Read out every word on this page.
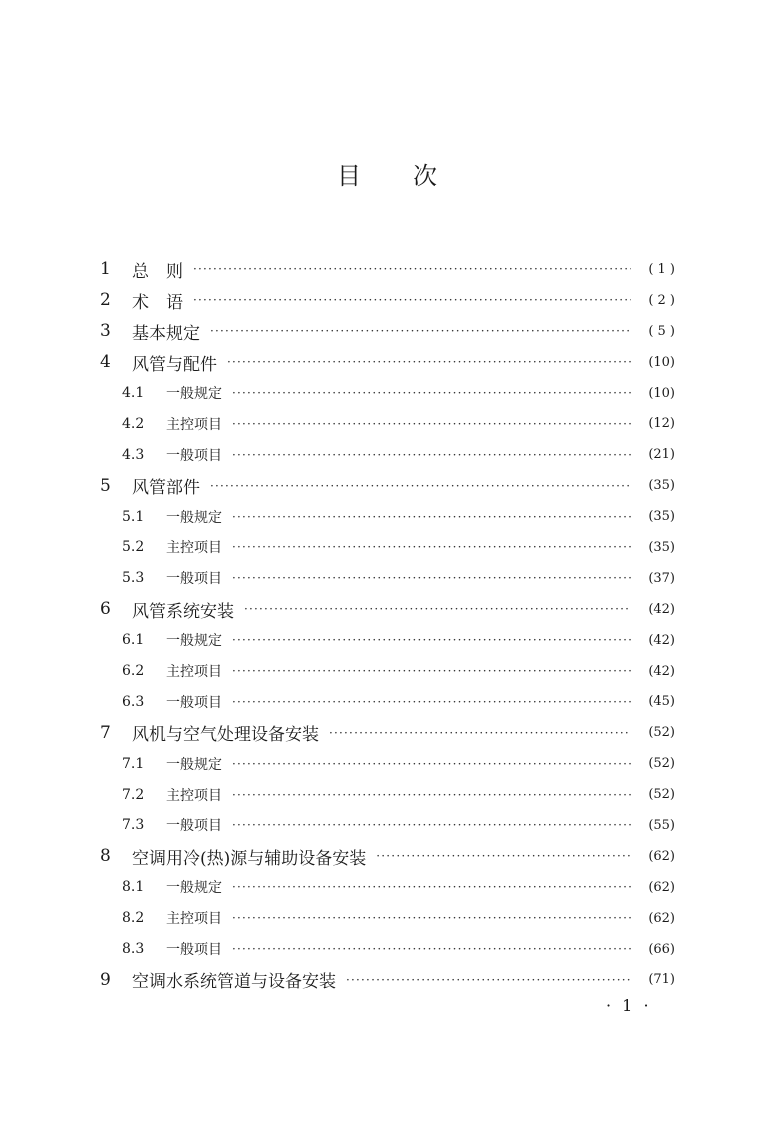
目 次
1	总　则 ·····	( 1 )
2	术　语 ·····	( 2 )
3	基本规定 ·····	( 5 )
4	风管与配件 ·····	(10)
4.1	一般规定 ·····	(10)
4.2	主控项目 ·····	(12)
4.3	一般项目 ·····	(21)
5	风管部件 ·····	(35)
5.1	一般规定 ·····	(35)
5.2	主控项目 ·····	(35)
5.3	一般项目 ·····	(37)
6	风管系统安装 ·····	(42)
6.1	一般规定 ·····	(42)
6.2	主控项目 ·····	(42)
6.3	一般项目 ·····	(45)
7	风机与空气处理设备安装 ·····	(52)
7.1	一般规定 ·····	(52)
7.2	主控项目 ·····	(52)
7.3	一般项目 ·····	(55)
8	空调用冷(热)源与辅助设备安装 ·····	(62)
8.1	一般规定 ·····	(62)
8.2	主控项目 ·····	(62)
8.3	一般项目 ·····	(66)
9	空调水系统管道与设备安装 ·····	(71)
· 1 ·
